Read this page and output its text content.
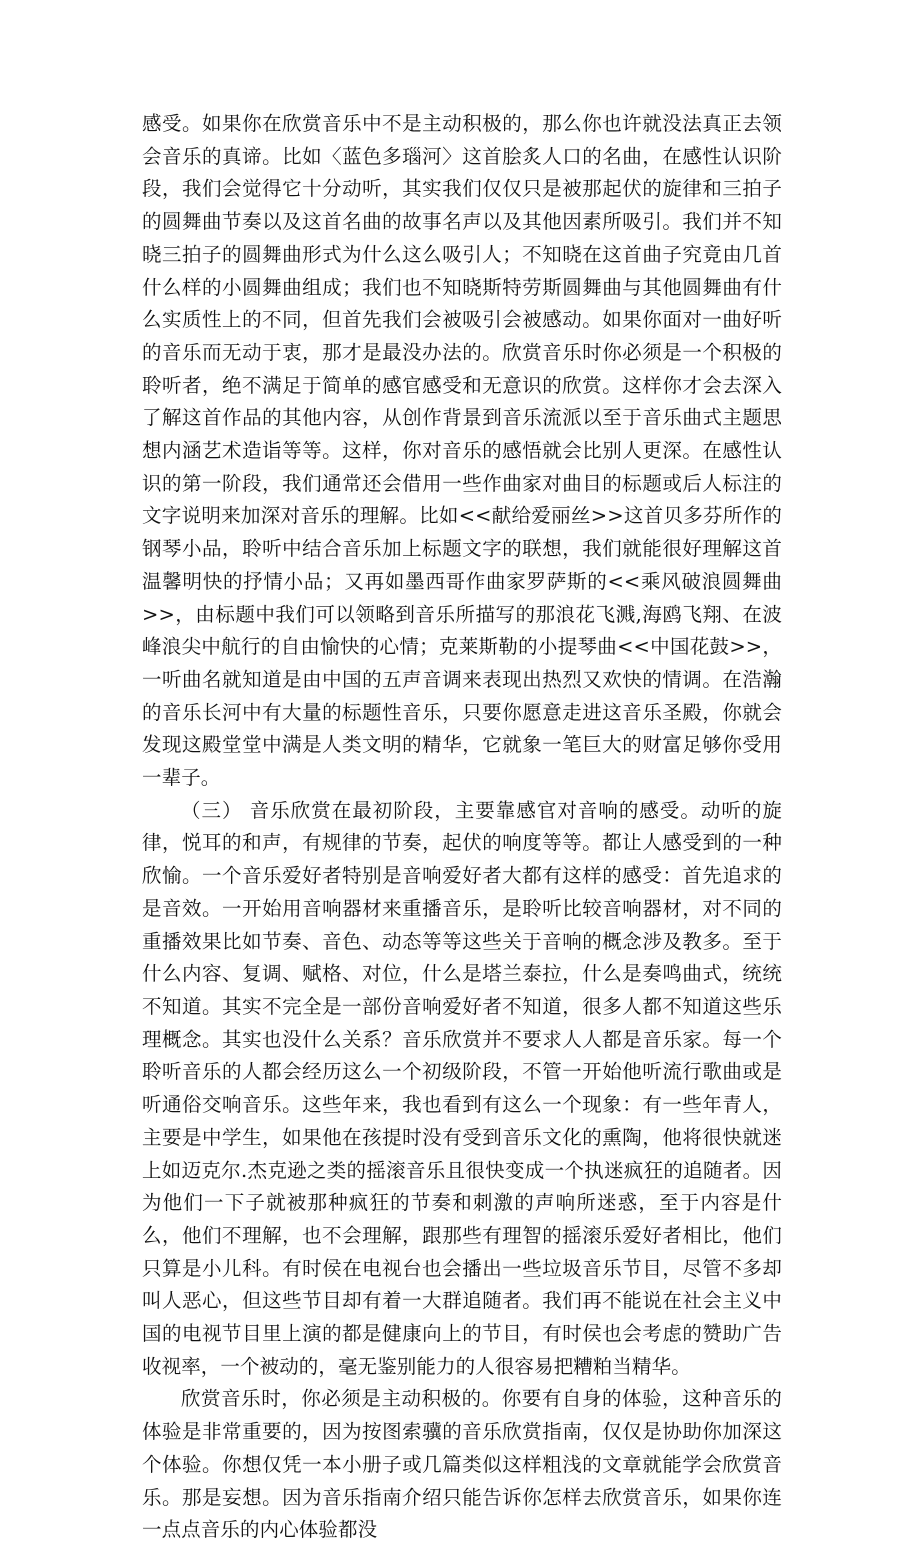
感受。如果你在欣赏音乐中不是主动积极的，那么你也许就没法真正去领会音乐的真谛。比如〈蓝色多瑙河〉这首脍炙人口的名曲，在感性认识阶段，我们会觉得它十分动听，其实我们仅仅只是被那起伏的旋律和三拍子的圆舞曲节奏以及这首名曲的故事名声以及其他因素所吸引。我们并不知晓三拍子的圆舞曲形式为什么这么吸引人；不知晓在这首曲子究竟由几首什么样的小圆舞曲组成；我们也不知晓斯特劳斯圆舞曲与其他圆舞曲有什么实质性上的不同，但首先我们会被吸引会被感动。如果你面对一曲好听的音乐而无动于衷，那才是最没办法的。欣赏音乐时你必须是一个积极的聆听者，绝不满足于简单的感官感受和无意识的欣赏。这样你才会去深入了解这首作品的其他内容，从创作背景到音乐流派以至于音乐曲式主题思想内涵艺术造诣等等。这样，你对音乐的感悟就会比别人更深。在感性认识的第一阶段，我们通常还会借用一些作曲家对曲目的标题或后人标注的文字说明来加深对音乐的理解。比如<<献给爱丽丝>>这首贝多芬所作的钢琴小品，聆听中结合音乐加上标题文字的联想，我们就能很好理解这首温馨明快的抒情小品；又再如墨西哥作曲家罗萨斯的<<乘风破浪圆舞曲>>，由标题中我们可以领略到音乐所描写的那浪花飞溅,海鸥飞翔、在波峰浪尖中航行的自由愉快的心情；克莱斯勒的小提琴曲<<中国花鼓>>，一听曲名就知道是由中国的五声音调来表现出热烈又欢快的情调。在浩瀚的音乐长河中有大量的标题性音乐，只要你愿意走进这音乐圣殿，你就会发现这殿堂堂中满是人类文明的精华，它就象一笔巨大的财富足够你受用一辈子。

（三） 音乐欣赏在最初阶段，主要靠感官对音响的感受。动听的旋律，悦耳的和声，有规律的节奏，起伏的响度等等。都让人感受到的一种欣愉。一个音乐爱好者特别是音响爱好者大都有这样的感受：首先追求的是音效。一开始用音响器材来重播音乐，是聆听比较音响器材，对不同的重播效果比如节奏、音色、动态等等这些关于音响的概念涉及教多。至于什么内容、复调、赋格、对位，什么是塔兰泰拉，什么是奏鸣曲式，统统不知道。其实不完全是一部份音响爱好者不知道，很多人都不知道这些乐理概念。其实也没什么关系？音乐欣赏并不要求人人都是音乐家。每一个聆听音乐的人都会经历这么一个初级阶段，不管一开始他听流行歌曲或是听通俗交响音乐。这些年来，我也看到有这么一个现象：有一些年青人，主要是中学生，如果他在孩提时没有受到音乐文化的熏陶，他将很快就迷上如迈克尔.杰克逊之类的摇滚音乐且很快变成一个执迷疯狂的追随者。因为他们一下子就被那种疯狂的节奏和刺激的声响所迷惑，至于内容是什么，他们不理解，也不会理解，跟那些有理智的摇滚乐爱好者相比，他们只算是小儿科。有时侯在电视台也会播出一些垃圾音乐节目，尽管不多却叫人恶心，但这些节目却有着一大群追随者。我们再不能说在社会主义中国的电视节目里上演的都是健康向上的节目，有时侯也会考虑的赞助广告收视率，一个被动的，毫无鉴别能力的人很容易把糟粕当精华。

欣赏音乐时，你必须是主动积极的。你要有自身的体验，这种音乐的体验是非常重要的，因为按图索骥的音乐欣赏指南，仅仅是协助你加深这个体验。你想仅凭一本小册子或几篇类似这样粗浅的文章就能学会欣赏音乐。那是妄想。因为音乐指南介绍只能告诉你怎样去欣赏音乐，如果你连一点点音乐的内心体验都没
